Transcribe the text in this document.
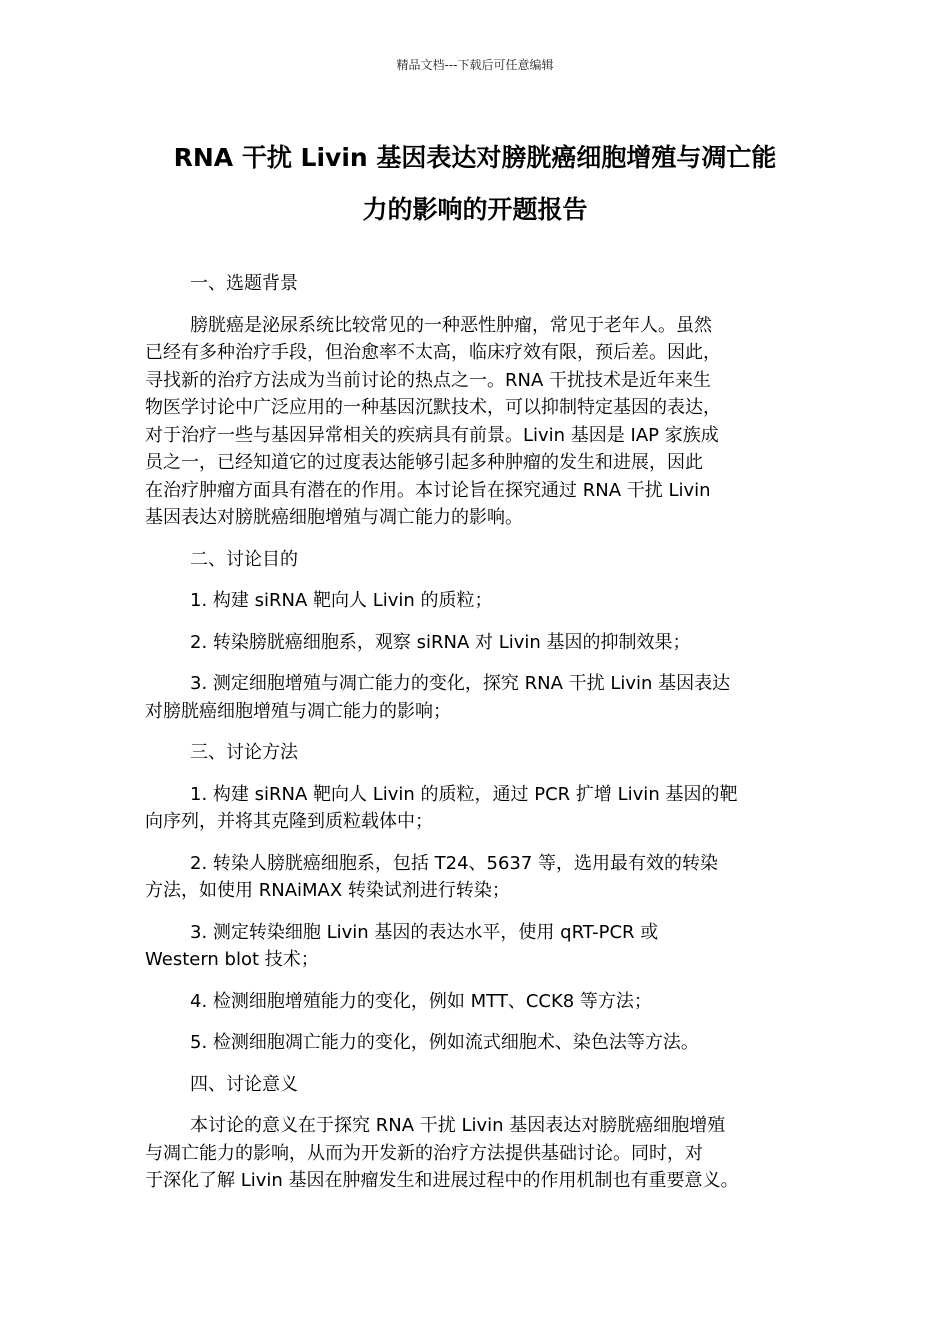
精品文档---下载后可任意编辑
RNA 干扰 Livin 基因表达对膀胱癌细胞增殖与凋亡能
力的影响的开题报告
一、选题背景
膀胱癌是泌尿系统比较常见的一种恶性肿瘤，常见于老年人。虽然
已经有多种治疗手段，但治愈率不太高，临床疗效有限，预后差。因此，
寻找新的治疗方法成为当前讨论的热点之一。RNA 干扰技术是近年来生
物医学讨论中广泛应用的一种基因沉默技术，可以抑制特定基因的表达，
对于治疗一些与基因异常相关的疾病具有前景。Livin 基因是 IAP 家族成
员之一，已经知道它的过度表达能够引起多种肿瘤的发生和进展，因此
在治疗肿瘤方面具有潜在的作用。本讨论旨在探究通过 RNA 干扰 Livin
基因表达对膀胱癌细胞增殖与凋亡能力的影响。
二、讨论目的
1. 构建 siRNA 靶向人 Livin 的质粒；
2. 转染膀胱癌细胞系，观察 siRNA 对 Livin 基因的抑制效果；
3. 测定细胞增殖与凋亡能力的变化，探究 RNA 干扰 Livin 基因表达
对膀胱癌细胞增殖与凋亡能力的影响；
三、讨论方法
1. 构建 siRNA 靶向人 Livin 的质粒，通过 PCR 扩增 Livin 基因的靶
向序列，并将其克隆到质粒载体中；
2. 转染人膀胱癌细胞系，包括 T24、5637 等，选用最有效的转染
方法，如使用 RNAiMAX 转染试剂进行转染；
3. 测定转染细胞 Livin 基因的表达水平，使用 qRT-PCR 或
Western blot 技术；
4. 检测细胞增殖能力的变化，例如 MTT、CCK8 等方法；
5. 检测细胞凋亡能力的变化，例如流式细胞术、染色法等方法。
四、讨论意义
本讨论的意义在于探究 RNA 干扰 Livin 基因表达对膀胱癌细胞增殖
与凋亡能力的影响，从而为开发新的治疗方法提供基础讨论。同时，对
于深化了解 Livin 基因在肿瘤发生和进展过程中的作用机制也有重要意义。
